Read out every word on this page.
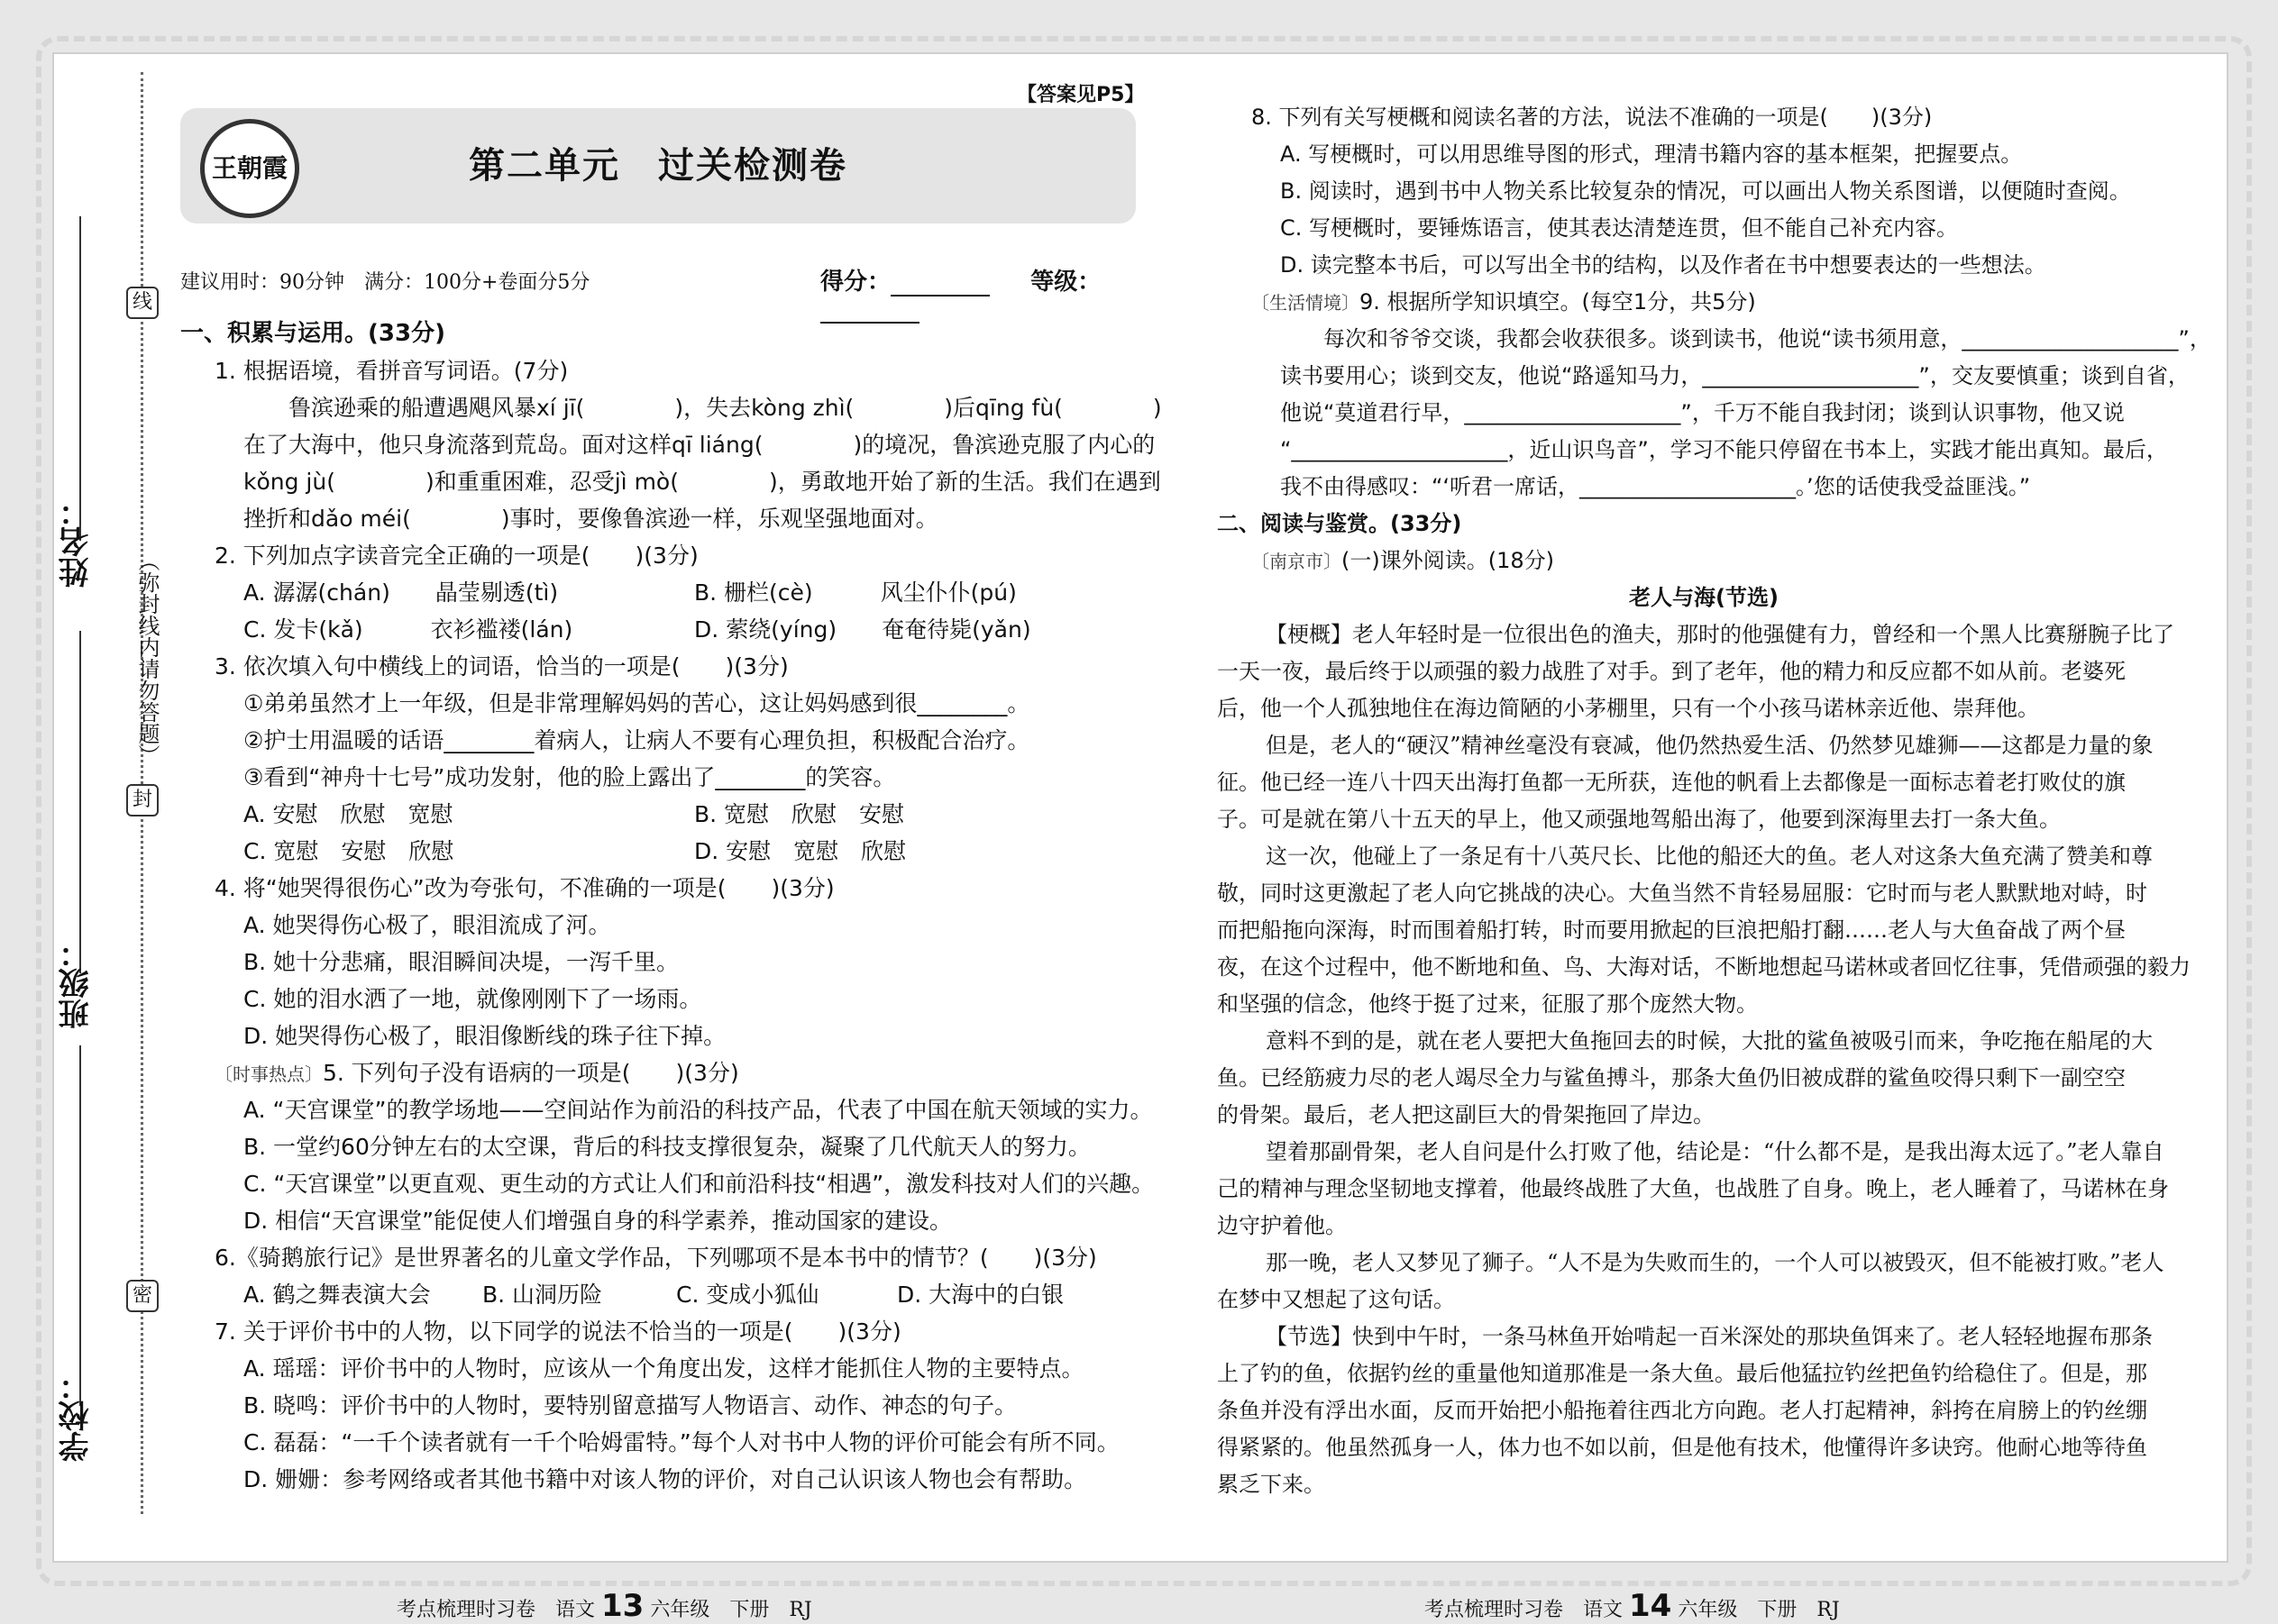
线
封
密
（弥封线内请勿答题）
姓名：
班级：
学校：
【答案见P5】
王朝霞	第二单元　过关检测卷
建议用时：90分钟　满分：100分+卷面分5分	得分：	等级：
一、积累与运用。(33分)
1. 根据语境，看拼音写词语。(7分)
　　鲁滨逊乘的船遭遇飓风暴xí jī(　　　　)，失去kòng zhì(　　　　)后qīng fù(　　　　)
在了大海中，他只身流落到荒岛。面对这样qī liáng(　　　　)的境况，鲁滨逊克服了内心的
kǒng jù(　　　　)和重重困难，忍受jì mò(　　　　)，勇敢地开始了新的生活。我们在遇到
挫折和dǎo méi(　　　　)事时，要像鲁滨逊一样，乐观坚强地面对。
2. 下列加点字读音完全正确的一项是(　　)(3分)
A. 潺潺(chán)　　晶莹剔透(tì)	B. 栅栏(cè)　　　风尘仆仆(pú)
C. 发卡(kǎ)　　　衣衫褴褛(lán)	D. 萦绕(yíng)　　奄奄待毙(yǎn)
3. 依次填入句中横线上的词语，恰当的一项是(　　)(3分)
①弟弟虽然才上一年级，但是非常理解妈妈的苦心，这让妈妈感到很________。
②护士用温暖的话语________着病人，让病人不要有心理负担，积极配合治疗。
③看到“神舟十七号”成功发射，他的脸上露出了________的笑容。
A. 安慰　欣慰　宽慰	B. 宽慰　欣慰　安慰
C. 宽慰　安慰　欣慰	D. 安慰　宽慰　欣慰
4. 将“她哭得很伤心”改为夸张句，不准确的一项是(　　)(3分)
A. 她哭得伤心极了，眼泪流成了河。
B. 她十分悲痛，眼泪瞬间决堤，一泻千里。
C. 她的泪水洒了一地，就像刚刚下了一场雨。
D. 她哭得伤心极了，眼泪像断线的珠子往下掉。
〔时事热点〕5. 下列句子没有语病的一项是(　　)(3分)
A. “天宫课堂”的教学场地——空间站作为前沿的科技产品，代表了中国在航天领域的实力。
B. 一堂约60分钟左右的太空课，背后的科技支撑很复杂，凝聚了几代航天人的努力。
C. “天宫课堂”以更直观、更生动的方式让人们和前沿科技“相遇”，激发科技对人们的兴趣。
D. 相信“天宫课堂”能促使人们增强自身的科学素养，推动国家的建设。
6.《骑鹅旅行记》是世界著名的儿童文学作品，下列哪项不是本书中的情节？(　　)(3分)
A. 鹤之舞表演大会 B. 山洞历险	C. 变成小狐仙	D. 大海中的白银
7. 关于评价书中的人物，以下同学的说法不恰当的一项是(　　)(3分)
A. 瑶瑶：评价书中的人物时，应该从一个角度出发，这样才能抓住人物的主要特点。
B. 晓鸣：评价书中的人物时，要特别留意描写人物语言、动作、神态的句子。
C. 磊磊：“一千个读者就有一千个哈姆雷特。”每个人对书中人物的评价可能会有所不同。
D. 姗姗：参考网络或者其他书籍中对该人物的评价，对自己认识该人物也会有帮助。
考点梳理时习卷　语文 13 六年级　下册　RJ
8. 下列有关写梗概和阅读名著的方法，说法不准确的一项是(　　)(3分)
A. 写梗概时，可以用思维导图的形式，理清书籍内容的基本框架，把握要点。
B. 阅读时，遇到书中人物关系比较复杂的情况，可以画出人物关系图谱，以便随时查阅。
C. 写梗概时，要锤炼语言，使其表达清楚连贯，但不能自己补充内容。
D. 读完整本书后，可以写出全书的结构，以及作者在书中想要表达的一些想法。
〔生活情境〕9. 根据所学知识填空。(每空1分，共5分)
　　每次和爷爷交谈，我都会收获很多。谈到读书，他说“读书须用意，____________________”，
读书要用心；谈到交友，他说“路遥知马力，____________________”，交友要慎重；谈到自省，
他说“莫道君行早，____________________”，千万不能自我封闭；谈到认识事物，他又说
“____________________，近山识鸟音”，学习不能只停留在书本上，实践才能出真知。最后，
我不由得感叹：“‘听君一席话，____________________。’您的话使我受益匪浅。”
二、阅读与鉴赏。(33分)
〔南京市〕(一)课外阅读。(18分)
老人与海(节选)
【梗概】老人年轻时是一位很出色的渔夫，那时的他强健有力，曾经和一个黑人比赛掰腕子比了
一天一夜，最后终于以顽强的毅力战胜了对手。到了老年，他的精力和反应都不如从前。老婆死
后，他一个人孤独地住在海边简陋的小茅棚里，只有一个小孩马诺林亲近他、崇拜他。
但是，老人的“硬汉”精神丝毫没有衰减，他仍然热爱生活、仍然梦见雄狮——这都是力量的象
征。他已经一连八十四天出海打鱼都一无所获，连他的帆看上去都像是一面标志着老打败仗的旗
子。可是就在第八十五天的早上，他又顽强地驾船出海了，他要到深海里去打一条大鱼。
这一次，他碰上了一条足有十八英尺长、比他的船还大的鱼。老人对这条大鱼充满了赞美和尊
敬，同时这更激起了老人向它挑战的决心。大鱼当然不肯轻易屈服：它时而与老人默默地对峙，时
而把船拖向深海，时而围着船打转，时而要用掀起的巨浪把船打翻……老人与大鱼奋战了两个昼
夜，在这个过程中，他不断地和鱼、鸟、大海对话，不断地想起马诺林或者回忆往事，凭借顽强的毅力
和坚强的信念，他终于挺了过来，征服了那个庞然大物。
意料不到的是，就在老人要把大鱼拖回去的时候，大批的鲨鱼被吸引而来，争吃拖在船尾的大
鱼。已经筋疲力尽的老人竭尽全力与鲨鱼搏斗，那条大鱼仍旧被成群的鲨鱼咬得只剩下一副空空
的骨架。最后，老人把这副巨大的骨架拖回了岸边。
望着那副骨架，老人自问是什么打败了他，结论是：“什么都不是，是我出海太远了。”老人靠自
己的精神与理念坚韧地支撑着，他最终战胜了大鱼，也战胜了自身。晚上，老人睡着了，马诺林在身
边守护着他。
那一晚，老人又梦见了狮子。“人不是为失败而生的，一个人可以被毁灭，但不能被打败。”老人
在梦中又想起了这句话。
【节选】快到中午时，一条马林鱼开始啃起一百米深处的那块鱼饵来了。老人轻轻地握布那条
上了钓的鱼，依据钓丝的重量他知道那准是一条大鱼。最后他猛拉钓丝把鱼钓给稳住了。但是，那
条鱼并没有浮出水面，反而开始把小船拖着往西北方向跑。老人打起精神，斜挎在肩膀上的钓丝绷
得紧紧的。他虽然孤身一人，体力也不如以前，但是他有技术，他懂得许多诀窍。他耐心地等待鱼
累乏下来。
考点梳理时习卷　语文 14 六年级　下册　RJ
